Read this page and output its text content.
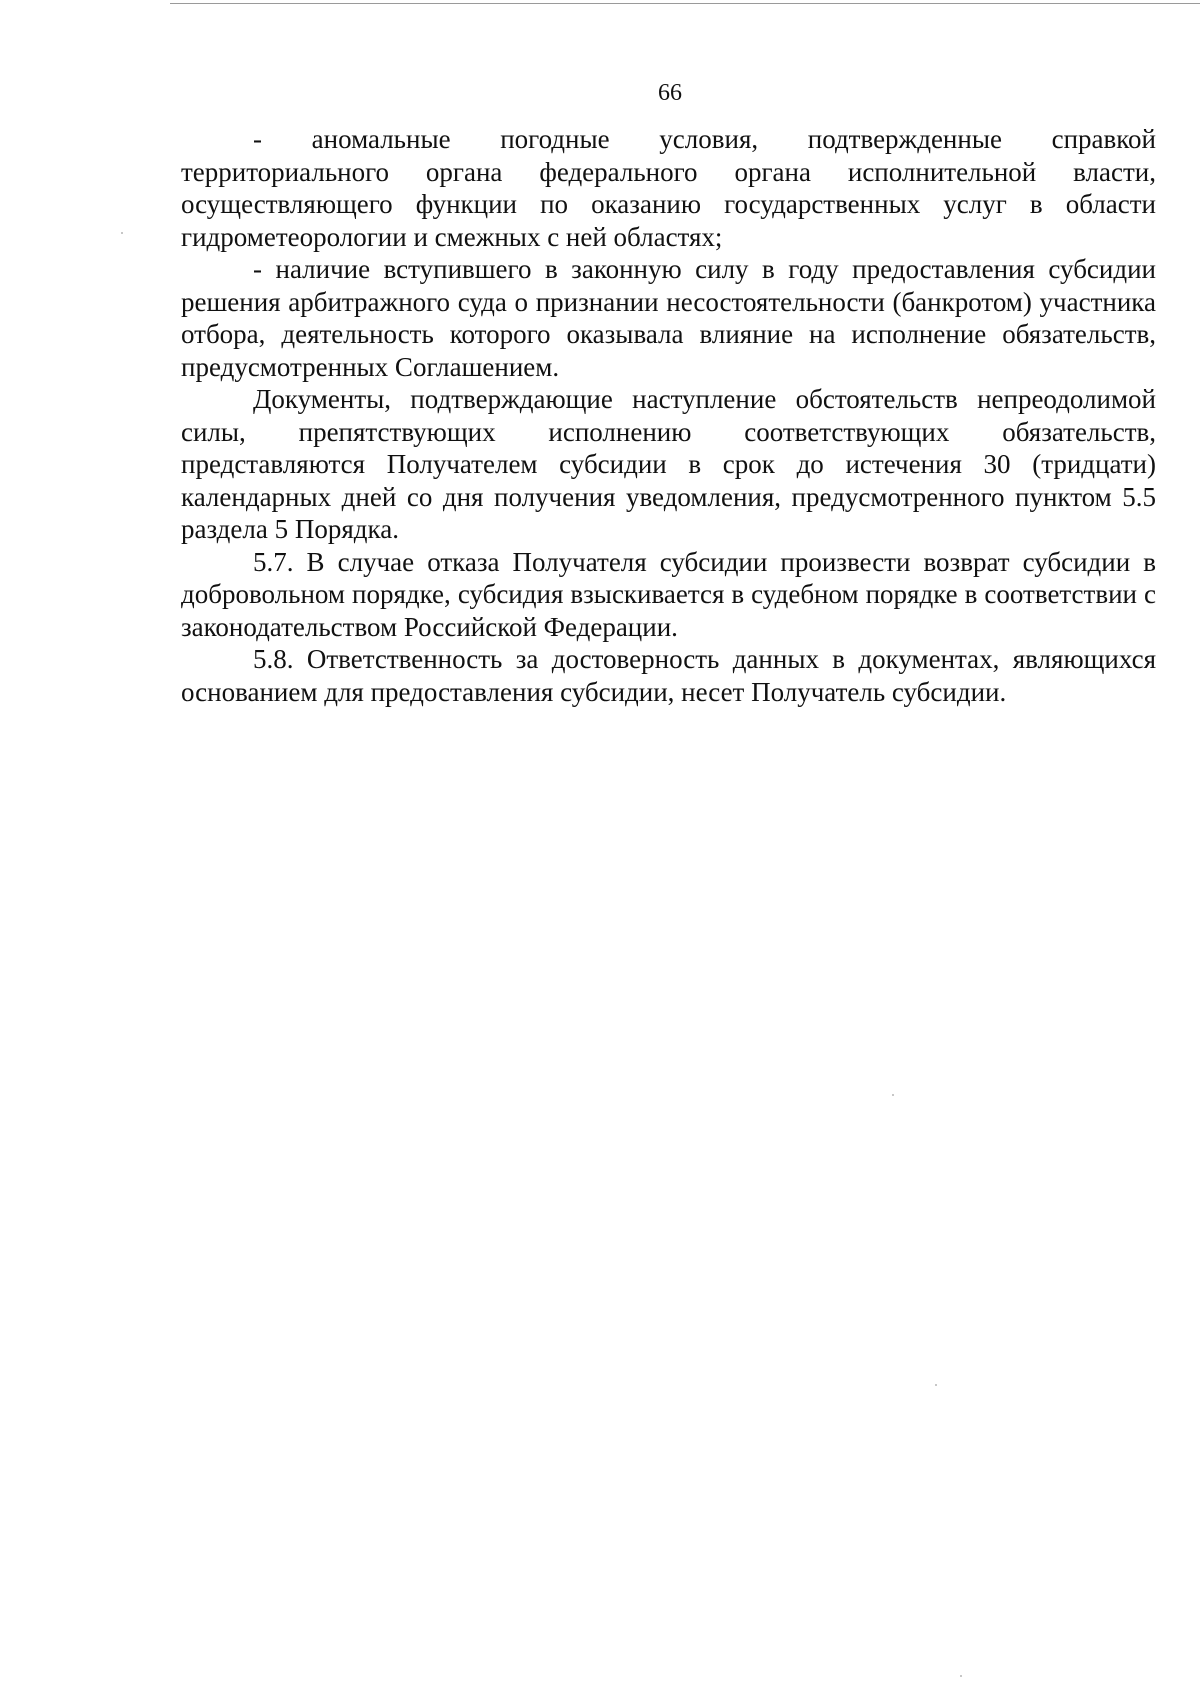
66

- аномальные погодные условия, подтвержденные справкой территориального органа федерального органа исполнительной власти, осуществляющего функции по оказанию государственных услуг в области гидрометеорологии и смежных с ней областях;

- наличие вступившего в законную силу в году предоставления субсидии решения арбитражного суда о признании несостоятельности (банкротом) участника отбора, деятельность которого оказывала влияние на исполнение обязательств, предусмотренных Соглашением.

Документы, подтверждающие наступление обстоятельств непреодолимой силы, препятствующих исполнению соответствующих обязательств, представляются Получателем субсидии в срок до истечения 30 (тридцати) календарных дней со дня получения уведомления, предусмотренного пунктом 5.5 раздела 5 Порядка.

5.7. В случае отказа Получателя субсидии произвести возврат субсидии в добровольном порядке, субсидия взыскивается в судебном порядке в соответствии с законодательством Российской Федерации.

5.8. Ответственность за достоверность данных в документах, являющихся основанием для предоставления субсидии, несет Получатель субсидии.
